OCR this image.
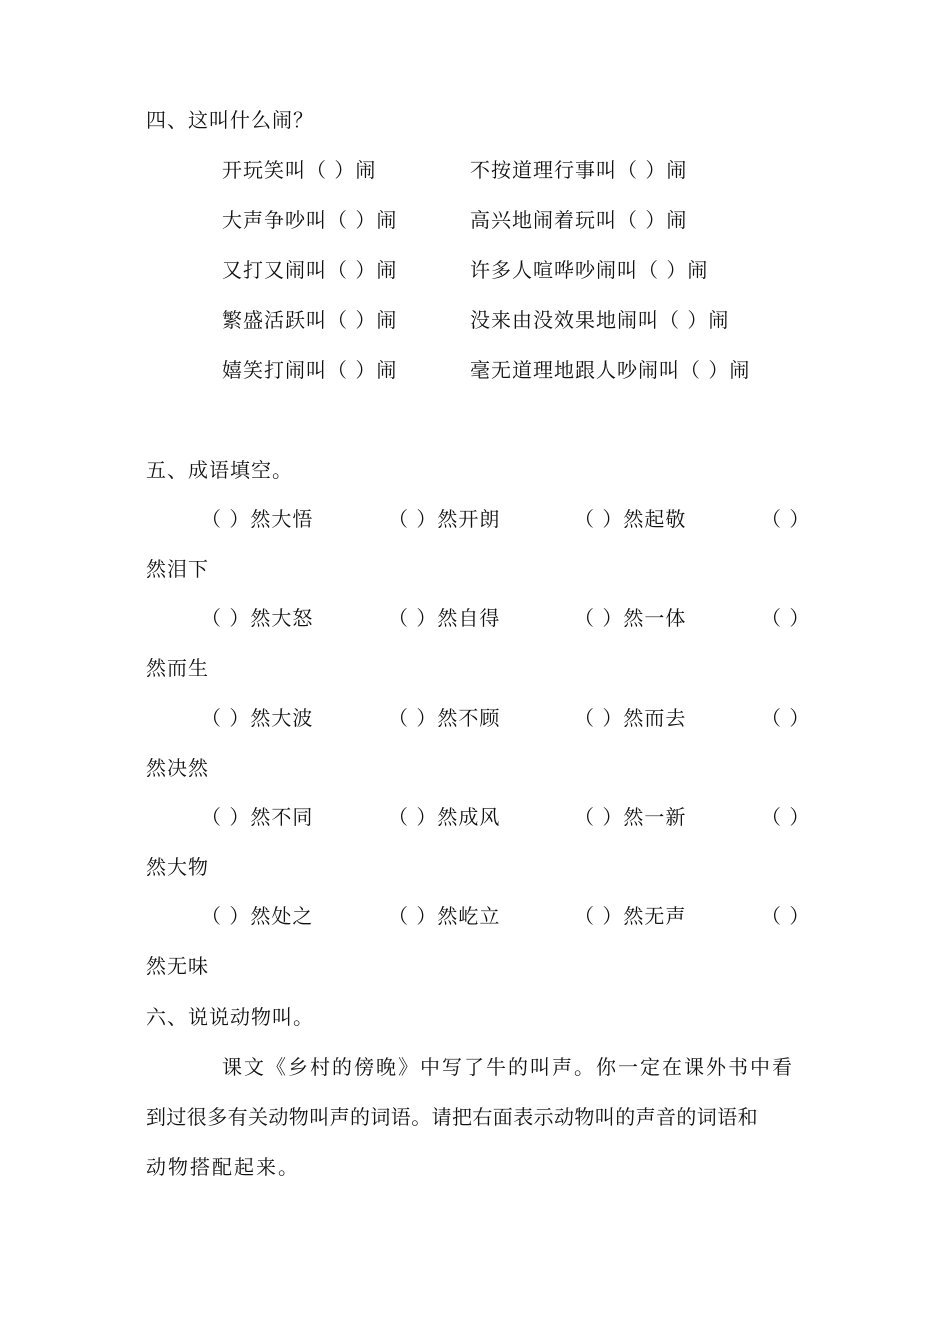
四、这叫什么闹？
开玩笑叫（ ）闹	不按道理行事叫（ ）闹
大声争吵叫（ ）闹	高兴地闹着玩叫（ ）闹
又打又闹叫（ ）闹	许多人喧哗吵闹叫（ ）闹
繁盛活跃叫（ ）闹	没来由没效果地闹叫（ ）闹
嬉笑打闹叫（ ）闹	毫无道理地跟人吵闹叫（ ）闹
五、成语填空。
（ ）然大悟	（ ）然开朗	（ ）然起敬	（ ）
然泪下
（ ）然大怒	（ ）然自得	（ ）然一体	（ ）
然而生
（ ）然大波	（ ）然不顾	（ ）然而去	（ ）
然决然
（ ）然不同	（ ）然成风	（ ）然一新	（ ）
然大物
（ ）然处之	（ ）然屹立	（ ）然无声	（ ）
然无味
六、说说动物叫。
课文《乡村的傍晚》中写了牛的叫声。你一定在课外书中看
到过很多有关动物叫声的词语。请把右面表示动物叫的声音的词语和
动物搭配起来。
